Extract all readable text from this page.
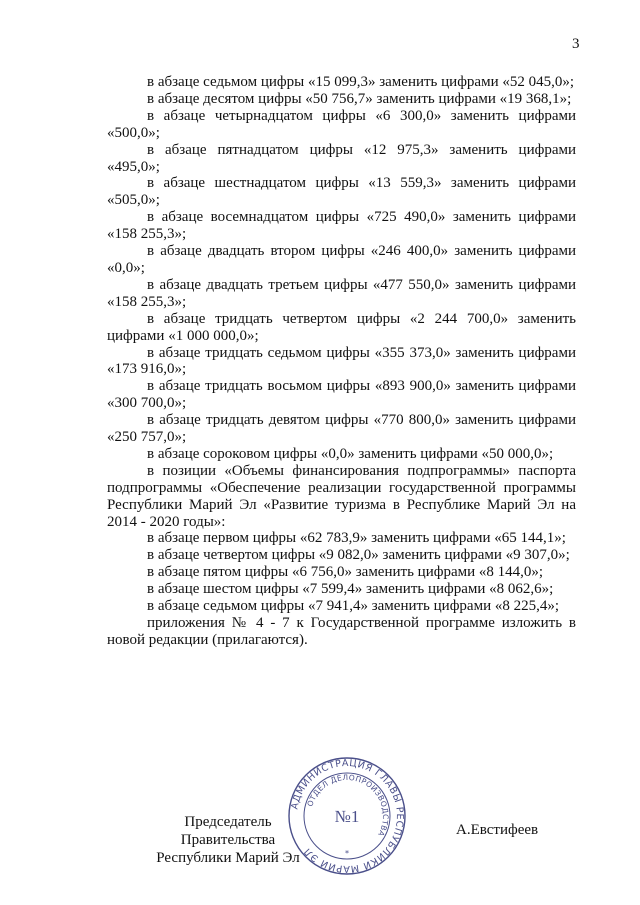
3

в абзаце седьмом цифры «15 099,3» заменить цифрами «52 045,0»;

в абзаце десятом цифры «50 756,7» заменить цифрами «19 368,1»;

в абзаце четырнадцатом цифры «6 300,0» заменить цифрами «500,0»;

в абзаце пятнадцатом цифры «12 975,3» заменить цифрами «495,0»;

в абзаце шестнадцатом цифры «13 559,3» заменить цифрами «505,0»;

в абзаце восемнадцатом цифры «725 490,0» заменить цифрами «158 255,3»;

в абзаце двадцать втором цифры «246 400,0» заменить цифрами «0,0»;

в абзаце двадцать третьем цифры «477 550,0» заменить цифрами «158 255,3»;

в абзаце тридцать четвертом цифры «2 244 700,0» заменить цифрами «1 000 000,0»;

в абзаце тридцать седьмом цифры «355 373,0» заменить цифрами «173 916,0»;

в абзаце тридцать восьмом цифры «893 900,0» заменить цифрами «300 700,0»;

в абзаце тридцать девятом цифры «770 800,0» заменить цифрами «250 757,0»;

в абзаце сороковом цифры «0,0» заменить цифрами «50 000,0»;

в позиции «Объемы финансирования подпрограммы» паспорта подпрограммы «Обеспечение реализации государственной программы Республики Марий Эл «Развитие туризма в Республике Марий Эл на 2014 - 2020 годы»:

в абзаце первом цифры «62 783,9» заменить цифрами «65 144,1»;

в абзаце четвертом цифры «9 082,0» заменить цифрами «9 307,0»;

в абзаце пятом цифры «6 756,0» заменить цифрами «8 144,0»;

в абзаце шестом цифры «7 599,4» заменить цифрами «8 062,6»;

в абзаце седьмом цифры «7 941,4» заменить цифрами «8 225,4»;

приложения № 4 - 7 к Государственной программе изложить в новой редакции (прилагаются).

АДМИНИСТРАЦИЯ ГЛАВЫ РЕСПУБЛИКИ МАРИЙ ЭЛ
ОТДЕЛ ДЕЛОПРОИЗВОДСТВА
№1
*
Председатель Правительства
Республики Марий Эл
А.Евстифеев
